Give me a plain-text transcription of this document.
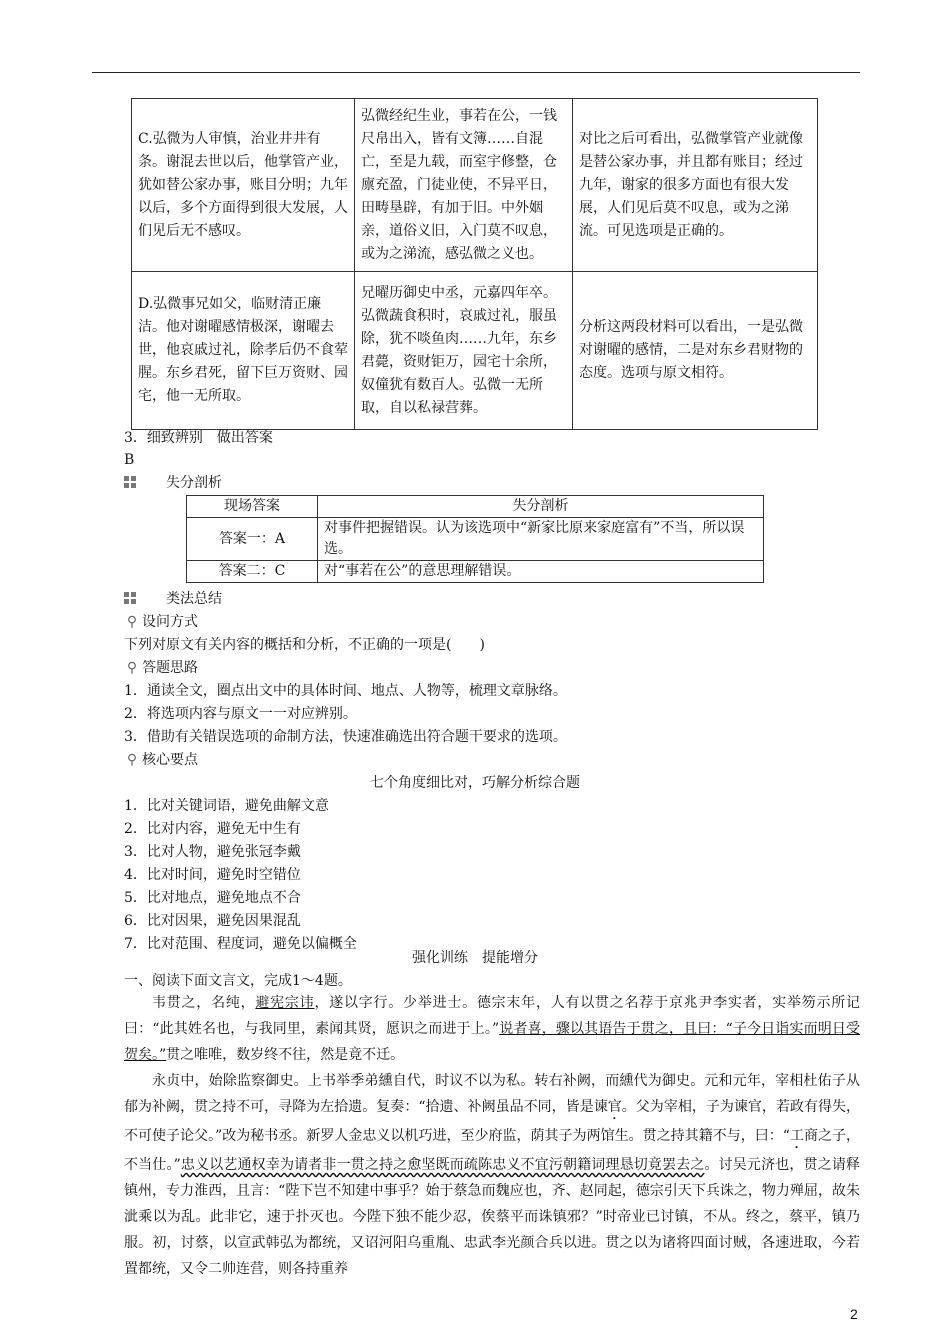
C.弘微为人审慎，治业井井有条。谢混去世以后，他掌管产业，犹如替公家办事，账目分明；九年以后，多个方面得到很大发展，人们见后无不感叹。	弘微经纪生业，事若在公，一钱尺帛出入，皆有文簿……自混亡，至是九载，而室宇修整，仓廪充盈，门徒业使，不异平日，田畴垦辟，有加于旧。中外姻亲，道俗义旧，入门莫不叹息，或为之涕流，感弘微之义也。	对比之后可看出，弘微掌管产业就像是替公家办事，并且都有账目；经过九年，谢家的很多方面也有很大发展，人们见后莫不叹息，或为之涕流。可见选项是正确的。
D.弘微事兄如父，临财清正廉洁。他对谢曜感情极深，谢曜去世，他哀戚过礼，除孝后仍不食荤腥。东乡君死，留下巨万资财、园宅，他一无所取。	兄曜历御史中丞，元嘉四年卒。弘微蔬食积时，哀戚过礼，服虽除，犹不啖鱼肉……九年，东乡君薨，资财钜万，园宅十余所，奴僮犹有数百人。弘微一无所取，自以私禄营葬。	分析这两段材料可以看出，一是弘微对谢曜的感情，二是对东乡君财物的态度。选项与原文相符。
3．细致辨别　做出答案
B
失分剖析
现场答案	失分剖析
答案一：A	对事件把握错误。认为该选项中“新家比原来家庭富有”不当，所以误选。
答案二：C	对“事若在公”的意思理解错误。
类法总结
⚲ 设问方式
下列对原文有关内容的概括和分析，不正确的一项是(　　)
⚲ 答题思路
1．通读全文，圈点出文中的具体时间、地点、人物等，梳理文章脉络。
2．将选项内容与原文一一对应辨别。
3．借助有关错误选项的命制方法，快速准确选出符合题干要求的选项。
⚲ 核心要点
七个角度细比对，巧解分析综合题
1．比对关键词语，避免曲解文意
2．比对内容，避免无中生有
3．比对人物，避免张冠李戴
4．比对时间，避免时空错位
5．比对地点，避免地点不合
6．比对因果，避免因果混乱
7．比对范围、程度词，避免以偏概全
强化训练　提能增分
一、阅读下面文言文，完成1～4题。
韦贯之，名纯，避宪宗讳，遂以字行。少举进士。德宗末年，人有以贯之名荐于京兆尹李实者，实举笏示所记曰：“此其姓名也，与我同里，素闻其贤，愿识之而进于上。”说者喜，骤以其语告于贯之，且曰：“子今日诣实而明日受贺矣。”贯之唯唯，数岁终不往，然是竟不迁。
永贞中，始除监察御史。上书举季弟纁自代，时议不以为私。转右补阙，而纁代为御史。元和元年，宰相杜佑子从郁为补阙，贯之持不可，寻降为左拾遗。复奏：“拾遗、补阙虽品不同，皆是谏官。父为宰相，子为谏官，若政有得失，不可使子论父。”改为秘书丞。新罗人金忠义以机巧进，至少府监，荫其子为两馆生。贯之持其籍不与，曰：“工商之子，不当仕。”忠义以艺通权幸为请者非一贯之持之愈坚既而疏陈忠义不宜污朝籍词理恳切竟罢去之。讨吴元济也，贯之请释镇州，专力淮西，且言：“陛下岂不知建中事乎？始于蔡急而魏应也，齐、赵同起，德宗引天下兵诛之，物力殚屈，故朱泚乘以为乱。此非它，速于扑灭也。今陛下独不能少忍，俟蔡平而诛镇邪？”时帝业已讨镇，不从。终之，蔡平，镇乃服。初，讨蔡，以宣武韩弘为都统，又诏河阳乌重胤、忠武李光颜合兵以进。贯之以为诸将四面讨贼，各速进取，今若置都统，又令二帅连营，则各持重养
2
